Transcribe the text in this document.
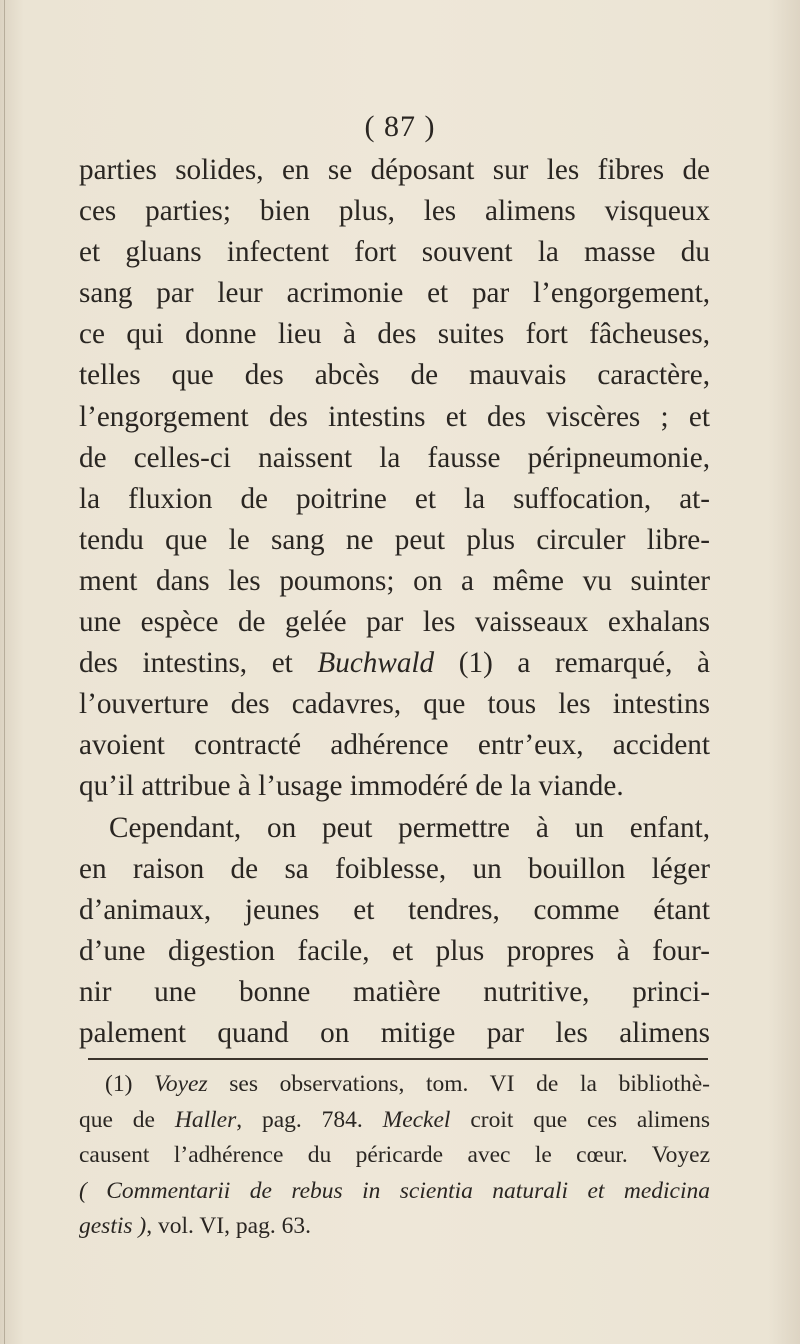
( 87 )
parties solides, en se déposant sur les fibres de
ces parties; bien plus, les alimens visqueux
et gluans infectent fort souvent la masse du
sang par leur acrimonie et par l’engorgement,
ce qui donne lieu à des suites fort fâcheuses,
telles que des abcès de mauvais caractère,
l’engorgement des intestins et des viscères ; et
de celles-ci naissent la fausse péripneumonie,
la fluxion de poitrine et la suffocation, at-
tendu que le sang ne peut plus circuler libre-
ment dans les poumons; on a même vu suinter
une espèce de gelée par les vaisseaux exhalans
des intestins, et Buchwald (1) a remarqué, à
l’ouverture des cadavres, que tous les intestins
avoient contracté adhérence entr’eux, accident
qu’il attribue à l’usage immodéré de la viande.
Cependant, on peut permettre à un enfant,
en raison de sa foiblesse, un bouillon léger
d’animaux, jeunes et tendres, comme étant
d’une digestion facile, et plus propres à four-
nir une bonne matière nutritive, princi-
palement quand on mitige par les alimens
(1) Voyez ses observations, tom. VI de la bibliothè-
que de Haller, pag. 784. Meckel croit que ces alimens
causent l’adhérence du péricarde avec le cœur. Voyez
( Commentarii de rebus in scientia naturali et medicina
gestis ), vol. VI, pag. 63.
